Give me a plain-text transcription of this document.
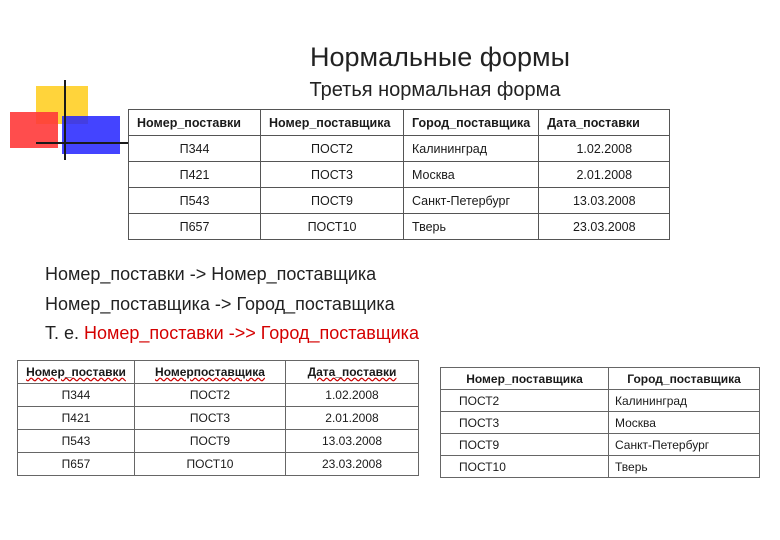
Нормальные формы
Третья нормальная форма
Номер_поставки	Номер_поставщика	Город_поставщика	Дата_поставки
П344	ПОСТ2	Калининград	1.02.2008
П421	ПОСТ3	Москва	2.01.2008
П543	ПОСТ9	Санкт-Петербург	13.03.2008
П657	ПОСТ10	Тверь	23.03.2008
Номер_поставки -> Номер_поставщика
Номер_поставщика -> Город_поставщика
Т. е. Номер_поставки ->> Город_поставщика
Номер_поставки	Номерпоставщика	Дата_поставки
П344	ПОСТ2	1.02.2008
П421	ПОСТ3	2.01.2008
П543	ПОСТ9	13.03.2008
П657	ПОСТ10	23.03.2008
Номер_поставщика	Город_поставщика
ПОСТ2	Калининград
ПОСТ3	Москва
ПОСТ9	Санкт-Петербург
ПОСТ10	Тверь
